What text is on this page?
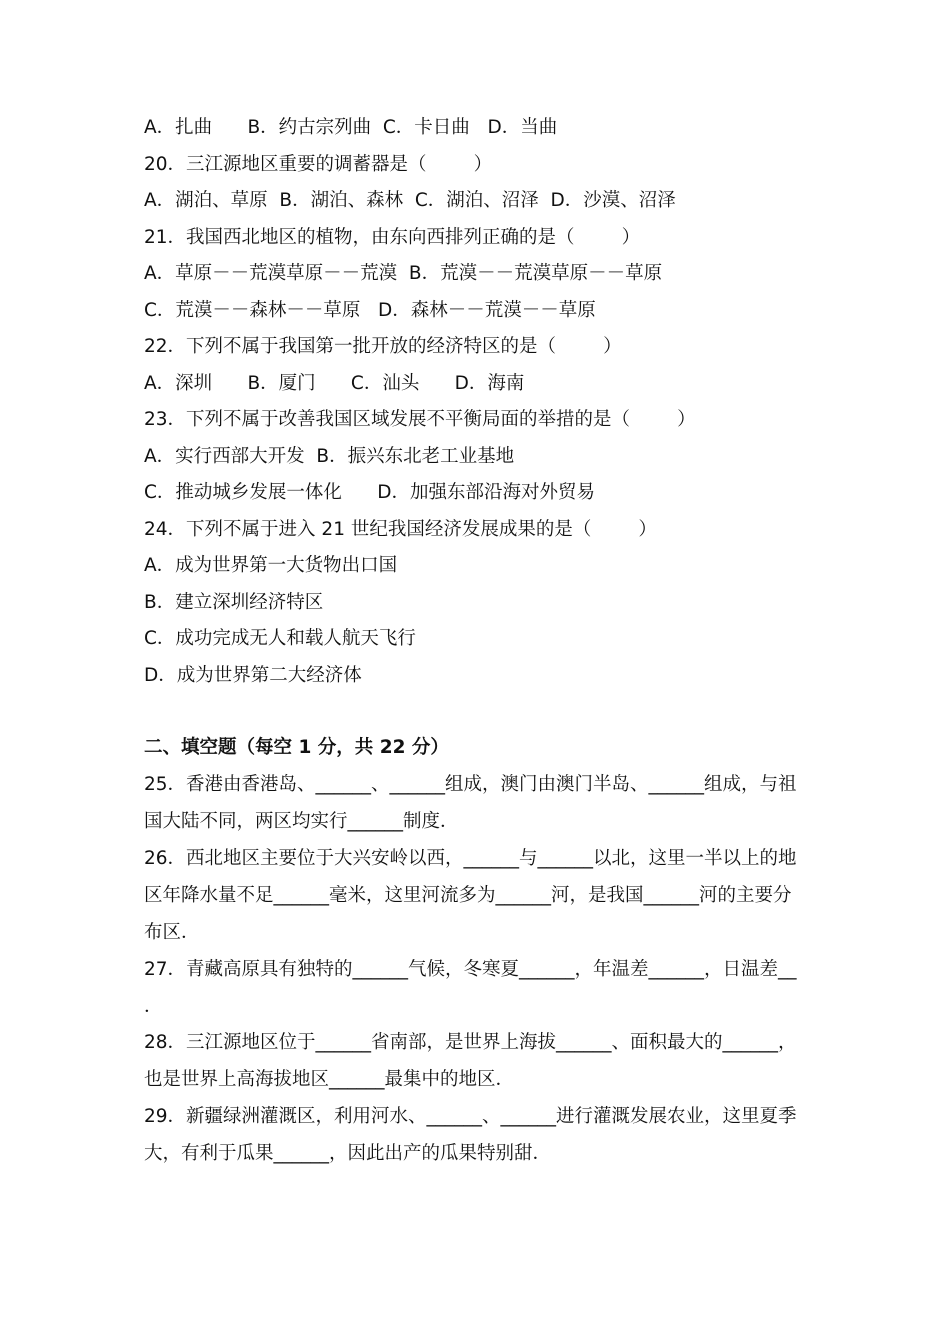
A．扎曲      B．约古宗列曲  C．卡日曲   D．当曲
20．三江源地区重要的调蓄器是（        ）
A．湖泊、草原  B．湖泊、森林  C．湖泊、沼泽  D．沙漠、沼泽
21．我国西北地区的植物，由东向西排列正确的是（        ）
A．草原－－荒漠草原－－荒漠  B．荒漠－－荒漠草原－－草原
C．荒漠－－森林－－草原   D．森林－－荒漠－－草原
22．下列不属于我国第一批开放的经济特区的是（        ）
A．深圳      B．厦门      C．汕头      D．海南
23．下列不属于改善我国区域发展不平衡局面的举措的是（        ）
A．实行西部大开发  B．振兴东北老工业基地
C．推动城乡发展一体化      D．加强东部沿海对外贸易
24．下列不属于进入 21 世纪我国经济发展成果的是（        ）
A．成为世界第一大货物出口国
B．建立深圳经济特区
C．成功完成无人和载人航天飞行
D．成为世界第二大经济体
二、填空题（每空 1 分，共 22 分）
25．香港由香港岛、______、______组成，澳门由澳门半岛、______组成，与祖
国大陆不同，两区均实行______制度．
26．西北地区主要位于大兴安岭以西，______与______以北，这里一半以上的地
区年降水量不足______毫米，这里河流多为______河，是我国______河的主要分
布区．
27．青藏高原具有独特的______气候，冬寒夏______，年温差______，日温差__
．
28．三江源地区位于______省南部，是世界上海拔______、面积最大的______，
也是世界上高海拔地区______最集中的地区．
29．新疆绿洲灌溉区，利用河水、______、______进行灌溉发展农业，这里夏季
大，有利于瓜果______，因此出产的瓜果特别甜．
